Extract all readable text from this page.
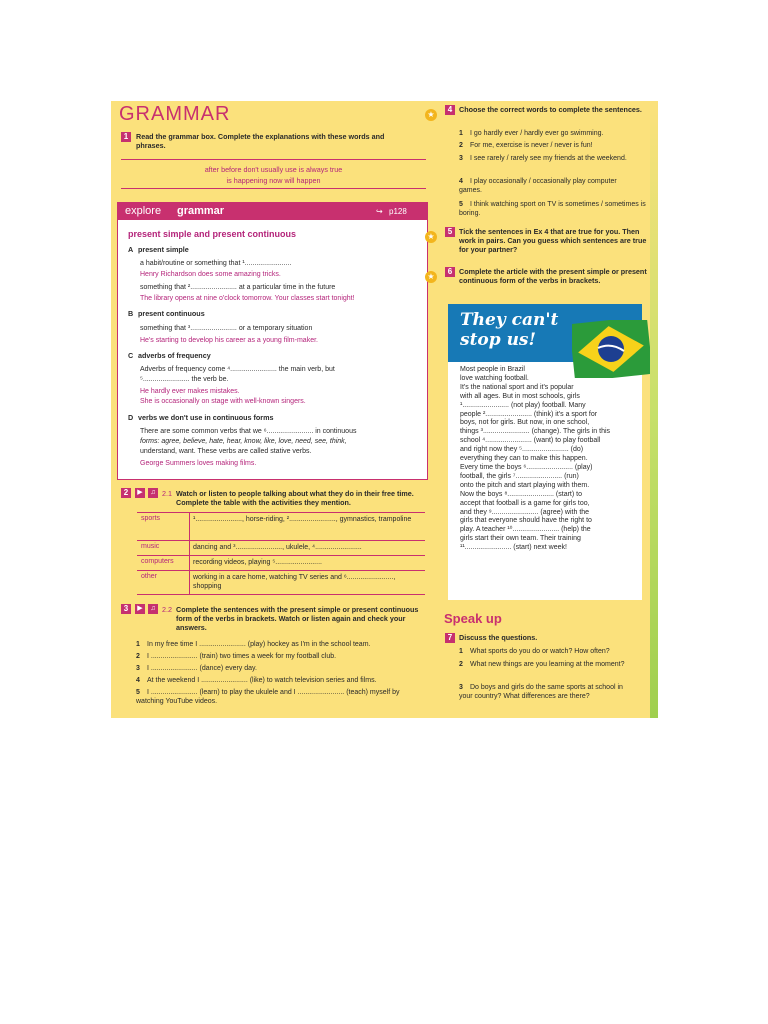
GRAMMAR
1	Read the grammar box. Complete the explanations with these words and phrases.
after before don't usually use is always true
is happening now will happen
explore grammar	↪ p128
present simple and present continuous
A present simple
a habit/routine or something that ¹........................
Henry Richardson does some amazing tricks.
something that ²........................ at a particular time in the future
The library opens at nine o'clock tomorrow. Your classes start tonight!
B present continuous
something that ³........................ or a temporary situation
He's starting to develop his career as a young film-maker.
C adverbs of frequency
Adverbs of frequency come ⁴........................ the main verb, but
⁵........................ the verb be.
He hardly ever makes mistakes.
She is occasionally on stage with well-known singers.
D verbs we don't use in continuous forms
There are some common verbs that we ⁶........................ in continuous
forms: agree, believe, hate, hear, know, like, love, need, see, think,
understand, want. These verbs are called stative verbs.
George Summers loves making films.
2	▶	♫ 2.1 Watch or listen to people talking about what they do in their free time. Complete the table with the activities they mention.
sports	¹........................, horse-riding, ²........................, gymnastics, trampoline
music	dancing and ³........................, ukulele, ⁴........................
computers	recording videos, playing ⁵........................
other	working in a care home, watching TV series and ⁶........................, shopping
3	▶	♫ 2.2 Complete the sentences with the present simple or present continuous form of the verbs in brackets. Watch or listen again and check your answers.
1 In my free time I ........................ (play) hockey as I'm in the school team.
2 I ........................ (train) two times a week for my football club.
3 I ........................ (dance) every day.
4 At the weekend I ........................ (like) to watch television series and films.
5 I ........................ (learn) to play the ukulele and I ........................ (teach) myself by watching YouTube videos.
★
4 Choose the correct words to complete the sentences.
1 I go hardly ever / hardly ever go swimming.
2 For me, exercise is never / never is fun!
3 I see rarely / rarely see my friends at the weekend.
4 I play occasionally / occasionally play computer games.
5 I think watching sport on TV is sometimes / sometimes is boring.
★
5 Tick the sentences in Ex 4 that are true for you. Then work in pairs. Can you guess which sentences are true for your partner?
★
6 Complete the article with the present simple or present continuous form of the verbs in brackets.
They can't
stop us!
Most people in Brazil
love watching football.
It's the national sport and it's popular
with all ages. But in most schools, girls
¹........................ (not play) football. Many
people ²........................ (think) it's a sport for
boys, not for girls. But now, in one school,
things ³........................ (change). The girls in this
school ⁴........................ (want) to play football
and right now they ⁵........................ (do)
everything they can to make this happen.
Every time the boys ⁶........................ (play)
football, the girls ⁷........................ (run)
onto the pitch and start playing with them.
Now the boys ⁸........................ (start) to
accept that football is a game for girls too,
and they ⁹........................ (agree) with the
girls that everyone should have the right to
play. A teacher ¹⁰........................ (help) the
girls start their own team. Their training
¹¹........................ (start) next week!
Speak up
7 Discuss the questions.
1 What sports do you do or watch? How often?
2 What new things are you learning at the moment?
3 Do boys and girls do the same sports at school in your country? What differences are there?
